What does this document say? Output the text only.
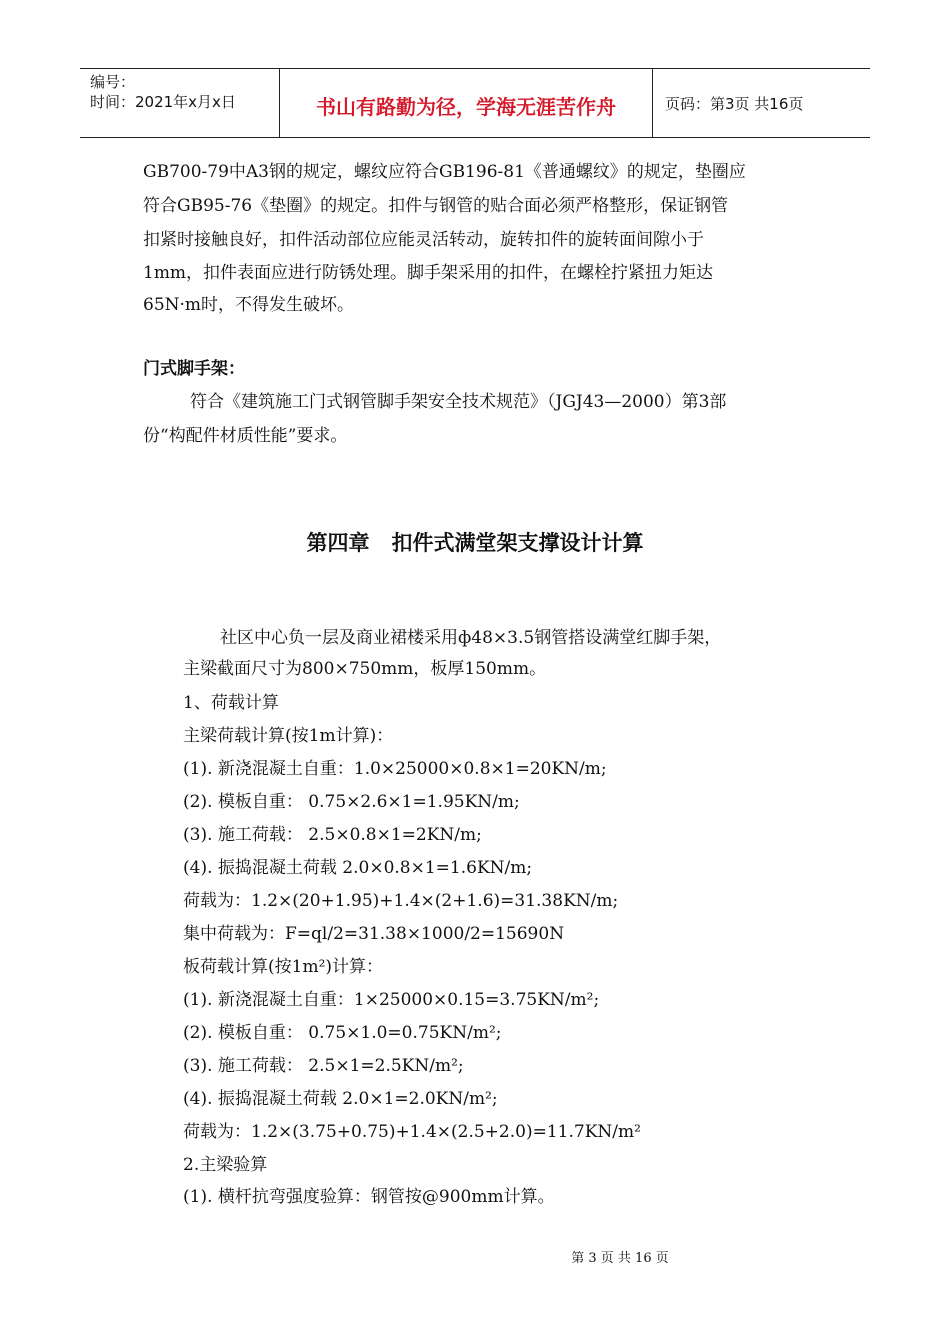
编号：
时间：2021年x月x日	书山有路勤为径，学海无涯苦作舟	页码：第3页 共16页
GB700-79中A3钢的规定，螺纹应符合GB196-81《普通螺纹》的规定，垫圈应
符合GB95-76《垫圈》的规定。扣件与钢管的贴合面必须严格整形，保证钢管
扣紧时接触良好，扣件活动部位应能灵活转动，旋转扣件的旋转面间隙小于
1mm，扣件表面应进行防锈处理。脚手架采用的扣件，在螺栓拧紧扭力矩达
65N·m时，不得发生破坏。
门式脚手架：
符合《建筑施工门式钢管脚手架安全技术规范》（JGJ43—2000）第3部
份“构配件材质性能”要求。
第四章   扣件式满堂架支撑设计计算
社区中心负一层及商业裙楼采用ф48×3.5钢管搭设满堂红脚手架，
主梁截面尺寸为800×750mm，板厚150mm。
1、荷载计算
主梁荷载计算(按1m计算)：
(1). 新浇混凝土自重：1.0×25000×0.8×1=20KN/m;
(2). 模板自重： 0.75×2.6×1=1.95KN/m;
(3). 施工荷载： 2.5×0.8×1=2KN/m;
(4). 振捣混凝土荷载 2.0×0.8×1=1.6KN/m;
荷载为：1.2×(20+1.95)+1.4×(2+1.6)=31.38KN/m;
集中荷载为：F=ql/2=31.38×1000/2=15690N
板荷载计算(按1m²)计算：
(1). 新浇混凝土自重：1×25000×0.15=3.75KN/m²;
(2). 模板自重： 0.75×1.0=0.75KN/m²;
(3). 施工荷载： 2.5×1=2.5KN/m²;
(4). 振捣混凝土荷载 2.0×1=2.0KN/m²;
荷载为：1.2×(3.75+0.75)+1.4×(2.5+2.0)=11.7KN/m²
2.主梁验算
(1). 横杆抗弯强度验算：钢管按@900mm计算。
第 3 页 共 16 页
